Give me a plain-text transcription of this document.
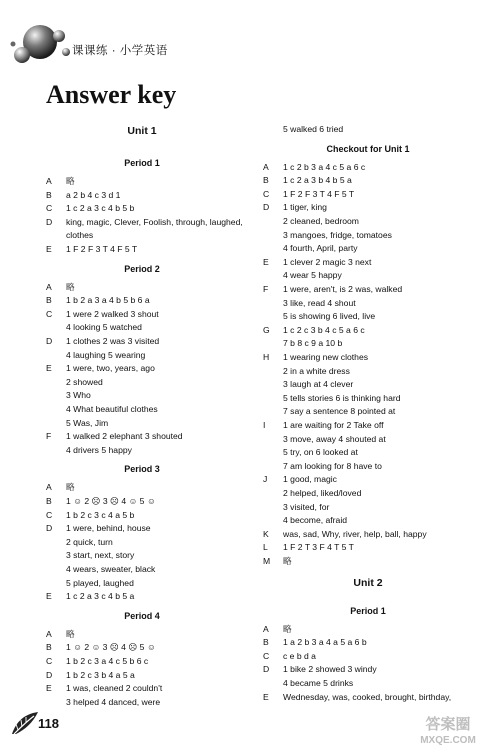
课课练 · 小学英语
Answer key
Unit 1
Period 1
A 略
B a 2 b 4 c 3 d 1
C 1 c 2 a 3 c 4 b 5 b
D king, magic, Clever, Foolish, through, laughed,
clothes
E 1 F 2 F 3 T 4 F 5 T
Period 2
A 略
B 1 b 2 a 3 a 4 b 5 b 6 a
C 1 were 2 walked 3 shout
4 looking 5 watched
D 1 clothes 2 was 3 visited
4 laughing 5 wearing
E 1 were, two, years, ago
2 showed
3 Who
4 What beautiful clothes
5 Was, Jim
F 1 walked 2 elephant 3 shouted
4 drivers 5 happy
Period 3
A 略
B 1 ☺ 2 ☹ 3 ☹ 4 ☺ 5 ☺
C 1 b 2 c 3 c 4 a 5 b
D 1 were, behind, house
2 quick, turn
3 start, next, story
4 wears, sweater, black
5 played, laughed
E 1 c 2 a 3 c 4 b 5 a
Period 4
A 略
B 1 ☺ 2 ☺ 3 ☹ 4 ☹ 5 ☺
C 1 b 2 c 3 a 4 c 5 b 6 c
D 1 b 2 c 3 b 4 a 5 a
E 1 was, cleaned 2 couldn't
3 helped 4 danced, were
5 walked 6 tried
Checkout for Unit 1
A 1 c 2 b 3 a 4 c 5 a 6 c
B 1 c 2 a 3 b 4 b 5 a
C 1 F 2 F 3 T 4 F 5 T
D 1 tiger, king
2 cleaned, bedroom
3 mangoes, fridge, tomatoes
4 fourth, April, party
E 1 clever 2 magic 3 next
4 wear 5 happy
F 1 were, aren't, is 2 was, walked
3 like, read 4 shout
5 is showing 6 lived, live
G 1 c 2 c 3 b 4 c 5 a 6 c
7 b 8 c 9 a 10 b
H 1 wearing new clothes
2 in a white dress
3 laugh at 4 clever
5 tells stories 6 is thinking hard
7 say a sentence 8 pointed at
I 1 are waiting for 2 Take off
3 move, away 4 shouted at
5 try, on 6 looked at
7 am looking for 8 have to
J 1 good, magic
2 helped, liked/loved
3 visited, for
4 become, afraid
K was, sad, Why, river, help, ball, happy
L 1 F 2 T 3 F 4 T 5 T
M 略
Unit 2
Period 1
A 略
B 1 a 2 b 3 a 4 a 5 a 6 b
C c e b d a
D 1 bike 2 showed 3 windy
4 became 5 drinks
E Wednesday, was, cooked, brought, birthday,
118	答案圈
MXQE.COM
